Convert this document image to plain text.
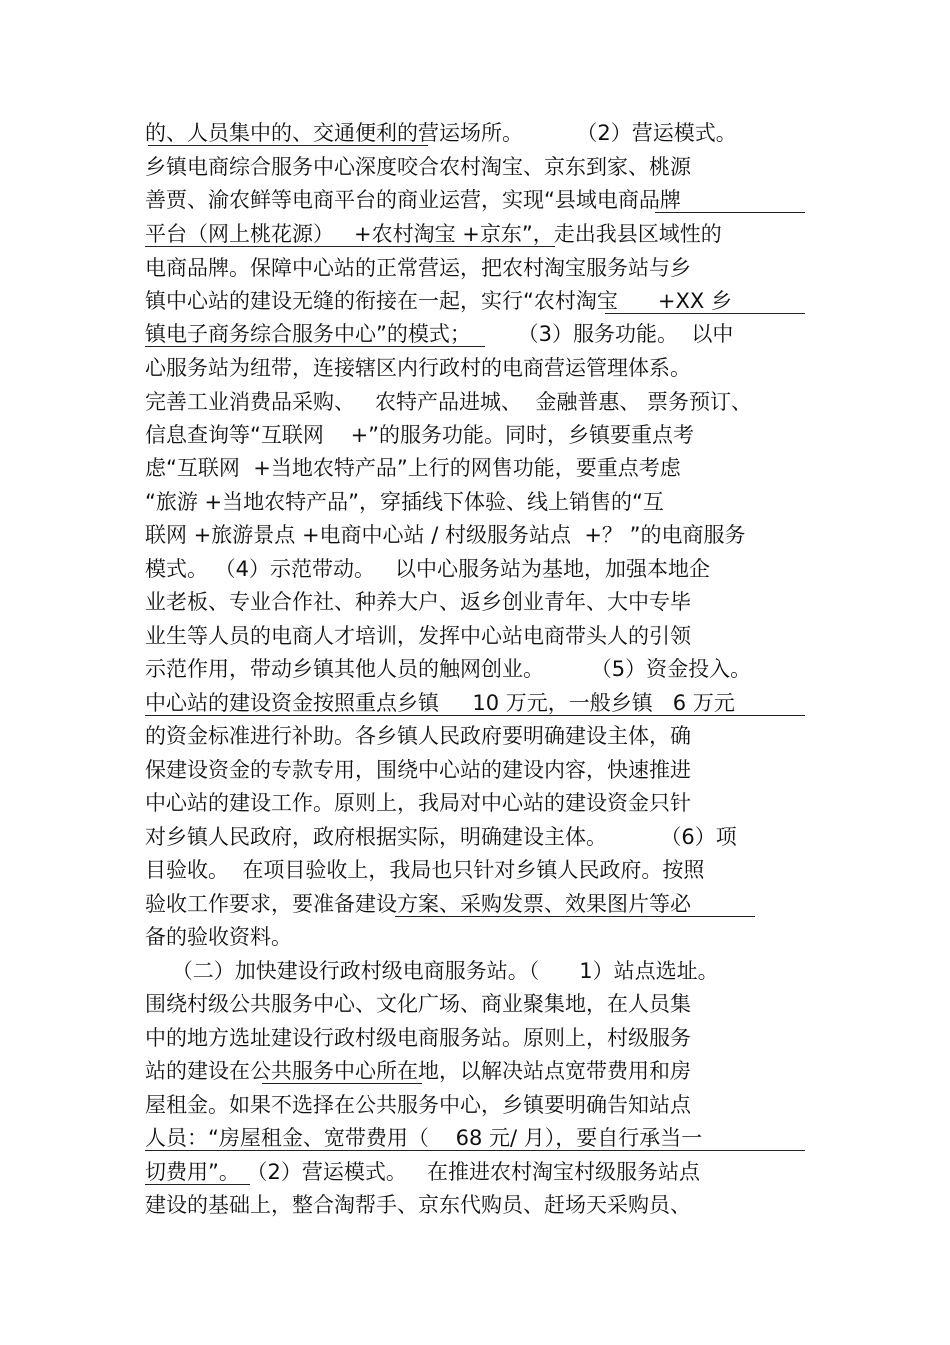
的、人员集中的、交通便利的营运场所。        （2）营运模式。
乡镇电商综合服务中心深度咬合农村淘宝、京东到家、桃源
善贾、渝农鲜等电商平台的商业运营，实现“县域电商品牌
平台（网上桃花源）   +农村淘宝 +京东”，走出我县区域性的
电商品牌。保障中心站的正常营运，把农村淘宝服务站与乡
镇中心站的建设无缝的衔接在一起，实行“农村淘宝      +XX 乡
镇电子商务综合服务中心”的模式；       （3）服务功能。  以中
心服务站为纽带，连接辖区内行政村的电商营运管理体系。
完善工业消费品采购、   农特产品进城、  金融普惠、 票务预订、
信息查询等“互联网    +”的服务功能。同时，乡镇要重点考
虑“互联网  +当地农特产品”上行的网售功能，要重点考虑
“旅游 +当地农特产品”，穿插线下体验、线上销售的“互
联网 +旅游景点 +电商中心站 / 村级服务站点  +？ ”的电商服务
模式。 （4）示范带动。   以中心服务站为基地，加强本地企
业老板、专业合作社、种养大户、返乡创业青年、大中专毕
业生等人员的电商人才培训，发挥中心站电商带头人的引领
示范作用，带动乡镇其他人员的触网创业。       （5）资金投入。
中心站的建设资金按照重点乡镇     10 万元，一般乡镇   6 万元
的资金标准进行补助。各乡镇人民政府要明确建设主体，确
保建设资金的专款专用，围绕中心站的建设内容，快速推进
中心站的建设工作。原则上，我局对中心站的建设资金只针
对乡镇人民政府，政府根据实际，明确建设主体。        （6）项
目验收。  在项目验收上，我局也只针对乡镇人民政府。按照
验收工作要求，要准备建设方案、采购发票、效果图片等必
备的验收资料。
（二）加快建设行政村级电商服务站。（      1）站点选址。
围绕村级公共服务中心、文化广场、商业聚集地，在人员集
中的地方选址建设行政村级电商服务站。原则上，村级服务
站的建设在公共服务中心所在地，以解决站点宽带费用和房
屋租金。如果不选择在公共服务中心，乡镇要明确告知站点
人员：“房屋租金、宽带费用（    68 元/ 月），要自行承当一
切费用”。 （2）营运模式。   在推进农村淘宝村级服务站点
建设的基础上，整合淘帮手、京东代购员、赶场天采购员、
